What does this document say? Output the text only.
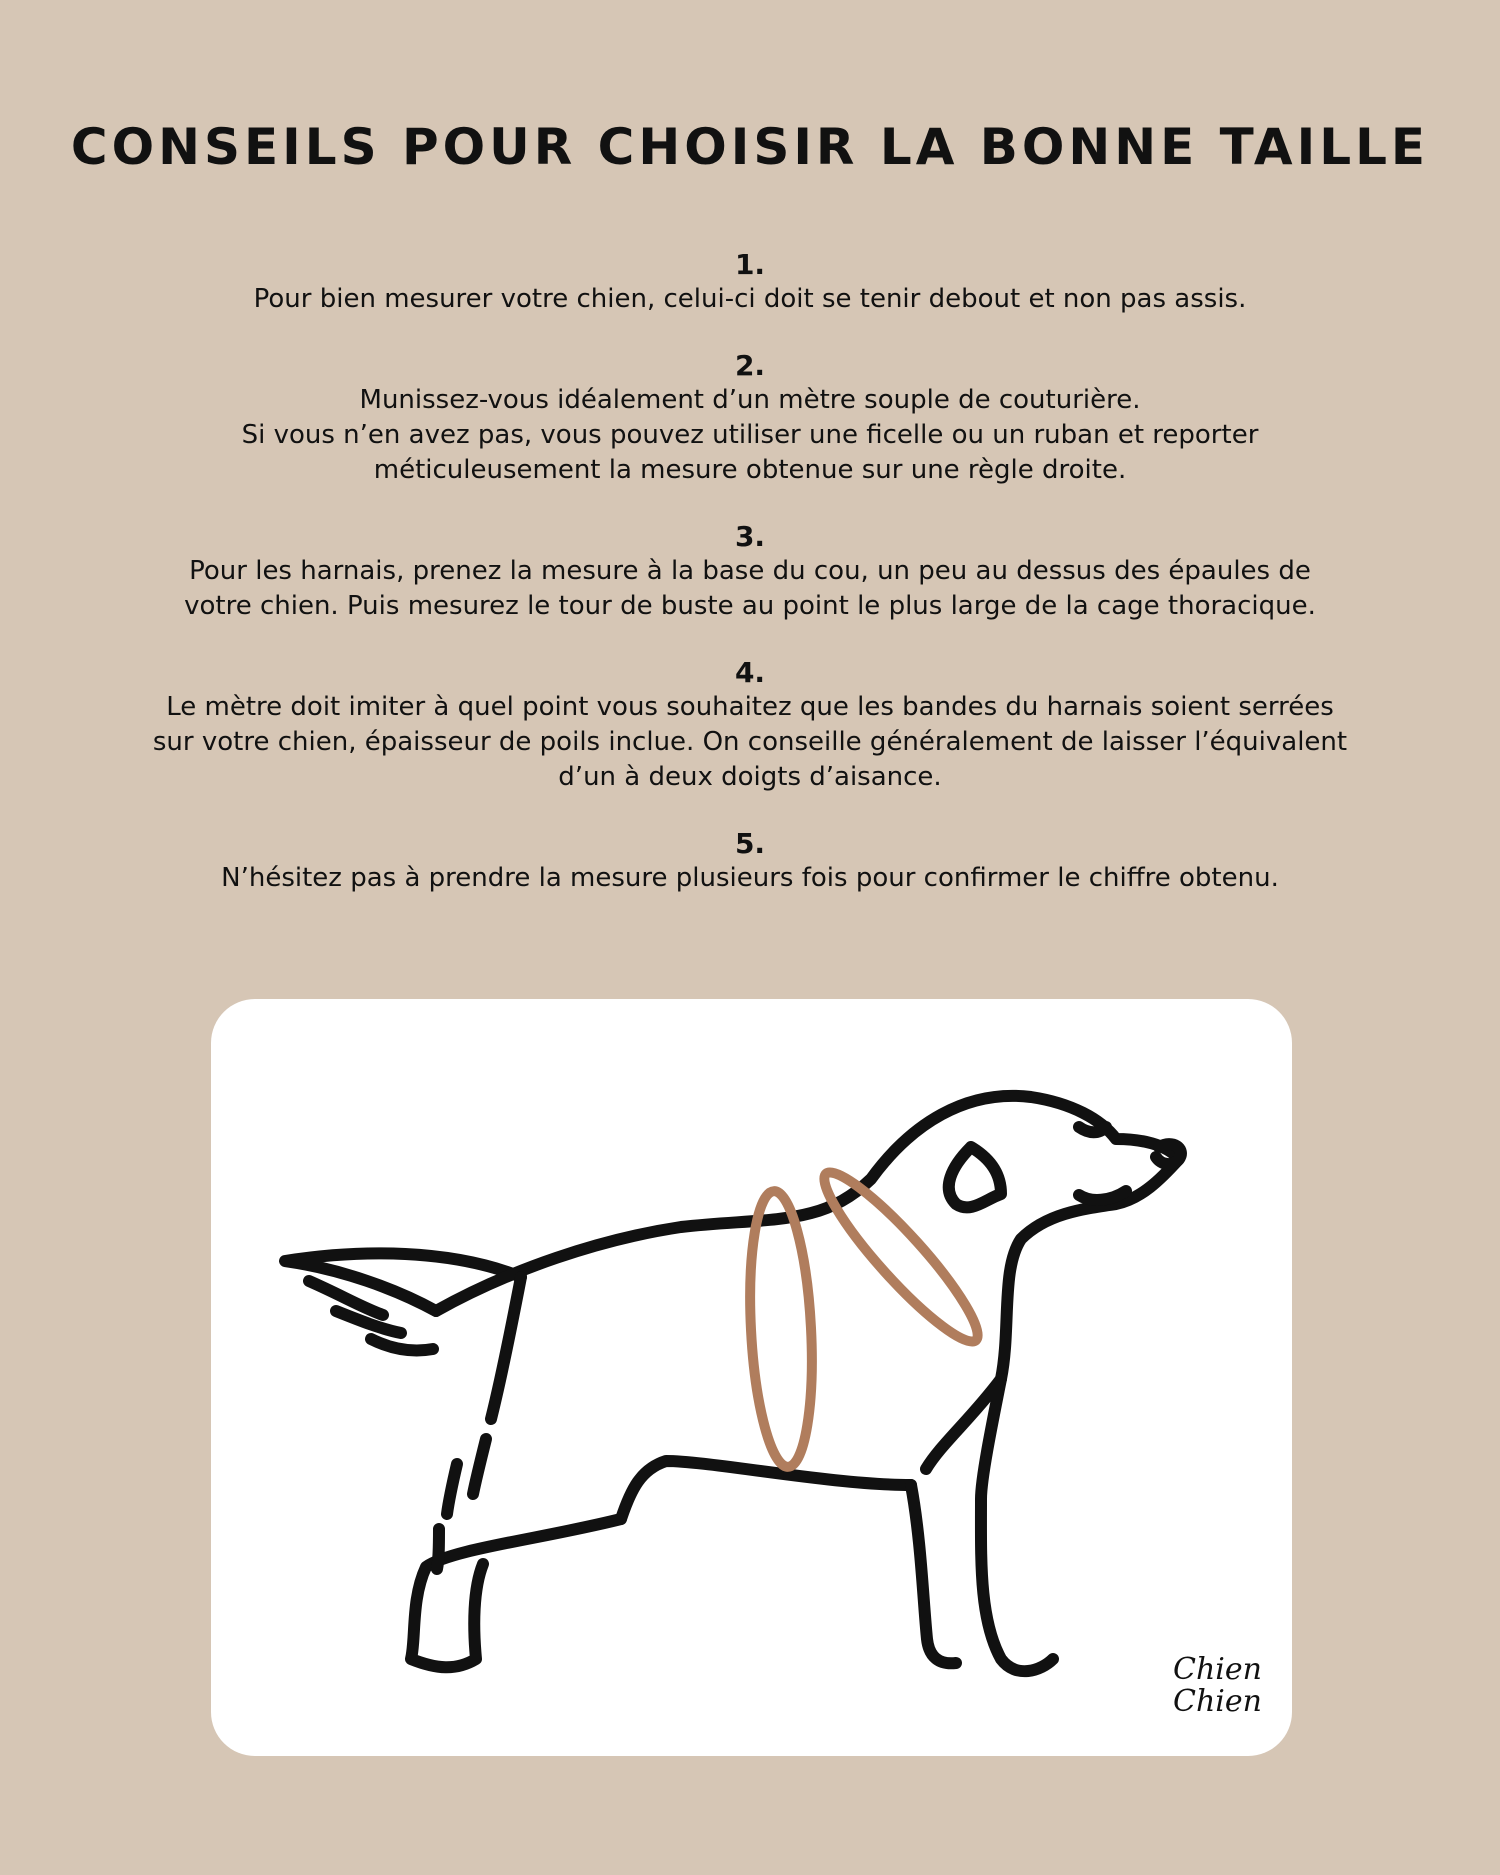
CONSEILS POUR CHOISIR LA BONNE TAILLE
1.
Pour bien mesurer votre chien, celui-ci doit se tenir debout et non pas assis.
2.
Munissez-vous idéalement d’un mètre souple de couturière.
Si vous n’en avez pas, vous pouvez utiliser une ficelle ou un ruban et reporter
méticuleusement la mesure obtenue sur une règle droite.
3.
Pour les harnais, prenez la mesure à la base du cou, un peu au dessus des épaules de
votre chien. Puis mesurez le tour de buste au point le plus large de la cage thoracique.
4.
Le mètre doit imiter à quel point vous souhaitez que les bandes du harnais soient serrées
sur votre chien, épaisseur de poils inclue. On conseille généralement de laisser l’équivalent
d’un à deux doigts d’aisance.
5.
N’hésitez pas à prendre la mesure plusieurs fois pour confirmer le chiffre obtenu.
Chien
Chien
